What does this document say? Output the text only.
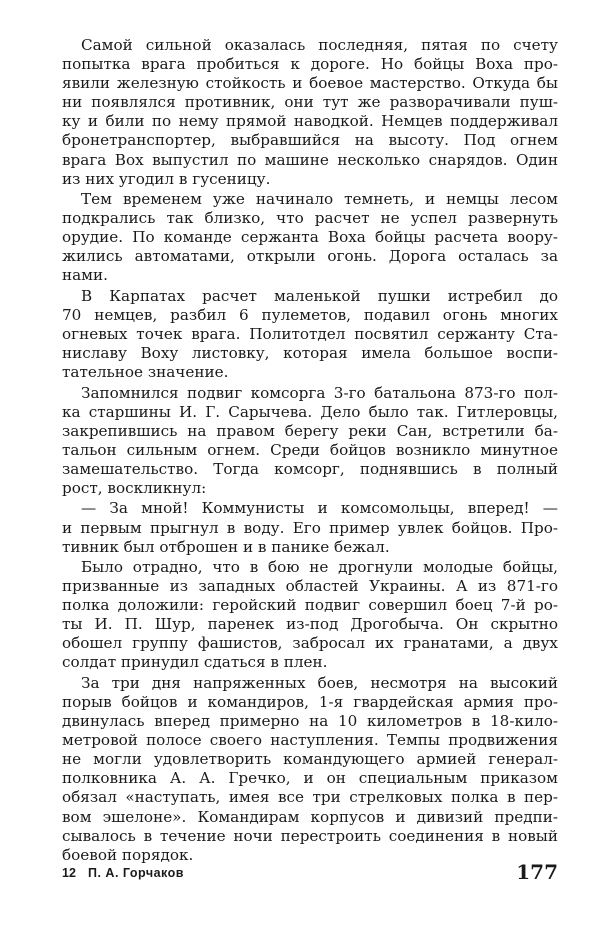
Самой сильной оказалась последняя, пятая по счету
попытка врага пробиться к дороге. Но бойцы Воха про-
явили железную стойкость и боевое мастерство. Откуда бы
ни появлялся противник, они тут же разворачивали пуш-
ку и били по нему прямой наводкой. Немцев поддерживал
бронетранспортер, выбравшийся на высоту. Под огнем
врага Вох выпустил по машине несколько снарядов. Один
из них угодил в гусеницу.
Тем временем уже начинало темнеть, и немцы лесом
подкрались так близко, что расчет не успел развернуть
орудие. По команде сержанта Воха бойцы расчета воору-
жились автоматами, открыли огонь. Дорога осталась за
нами.
В Карпатах расчет маленькой пушки истребил до
70 немцев, разбил 6 пулеметов, подавил огонь многих
огневых точек врага. Политотдел посвятил сержанту Ста-
ниславу Воху листовку, которая имела большое воспи-
тательное значение.
Запомнился подвиг комсорга 3-го батальона 873-го пол-
ка старшины И. Г. Сарычева. Дело было так. Гитлеровцы,
закрепившись на правом берегу реки Сан, встретили ба-
тальон сильным огнем. Среди бойцов возникло минутное
замешательство. Тогда комсорг, поднявшись в полный
рост, воскликнул:
— За мной! Коммунисты и комсомольцы, вперед! —
и первым прыгнул в воду. Его пример увлек бойцов. Про-
тивник был отброшен и в панике бежал.
Было отрадно, что в бою не дрогнули молодые бойцы,
призванные из западных областей Украины. А из 871-го
полка доложили: геройский подвиг совершил боец 7-й ро-
ты И. П. Шур, паренек из-под Дрогобыча. Он скрытно
обошел группу фашистов, забросал их гранатами, а двух
солдат принудил сдаться в плен.
За три дня напряженных боев, несмотря на высокий
порыв бойцов и командиров, 1-я гвардейская армия про-
двинулась вперед примерно на 10 километров в 18-кило-
метровой полосе своего наступления. Темпы продвижения
не могли удовлетворить командующего армией генерал-
полковника А. А. Гречко, и он специальным приказом
обязал «наступать, имея все три стрелковых полка в пер-
вом эшелоне». Командирам корпусов и дивизий предпи-
сывалось в течение ночи перестроить соединения в новый
боевой порядок.
12 П. А. Горчаков	177
